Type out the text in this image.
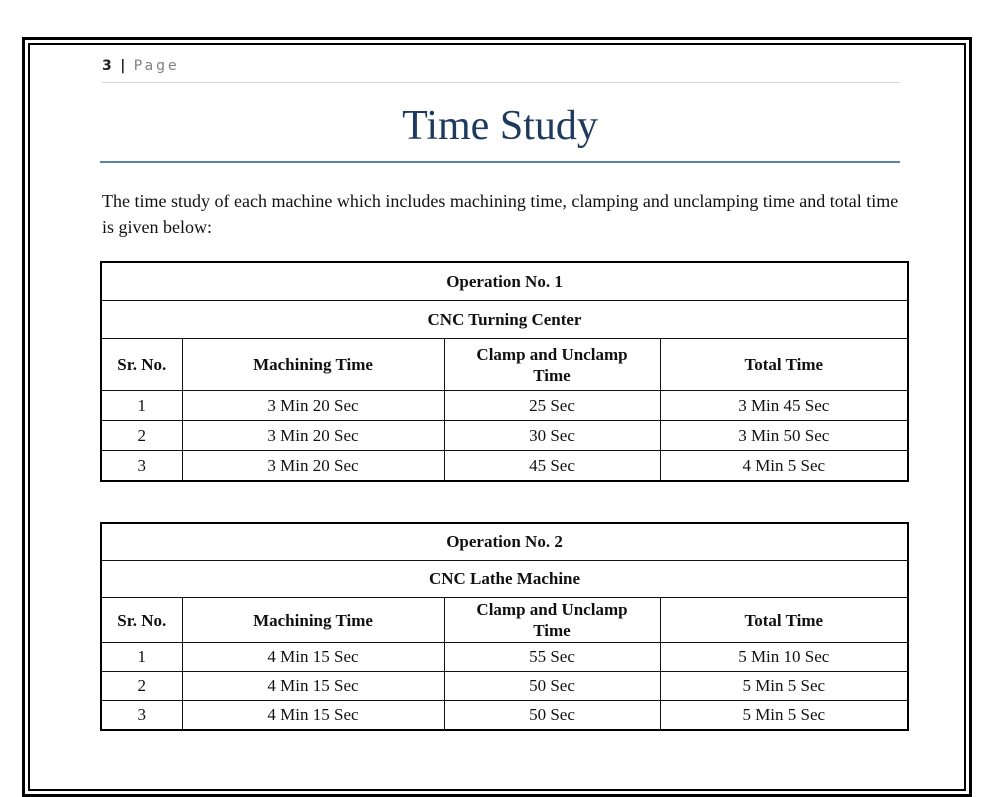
3 | Page
Time Study
The time study of each machine which includes machining time, clamping and unclamping time and total time is given below:
Operation No. 1			
CNC Turning Center			
Sr. No.	Machining Time	Clamp and Unclamp Time	Total Time
1	3 Min 20 Sec	25 Sec	3 Min 45 Sec
2	3 Min 20 Sec	30 Sec	3 Min 50 Sec
3	3 Min 20 Sec	45 Sec	4 Min 5 Sec
Operation No. 2			
CNC Lathe Machine			
Sr. No.	Machining Time	Clamp and Unclamp Time	Total Time
1	4 Min 15 Sec	55 Sec	5 Min 10 Sec
2	4 Min 15 Sec	50 Sec	5 Min 5 Sec
3	4 Min 15 Sec	50 Sec	5 Min 5 Sec
